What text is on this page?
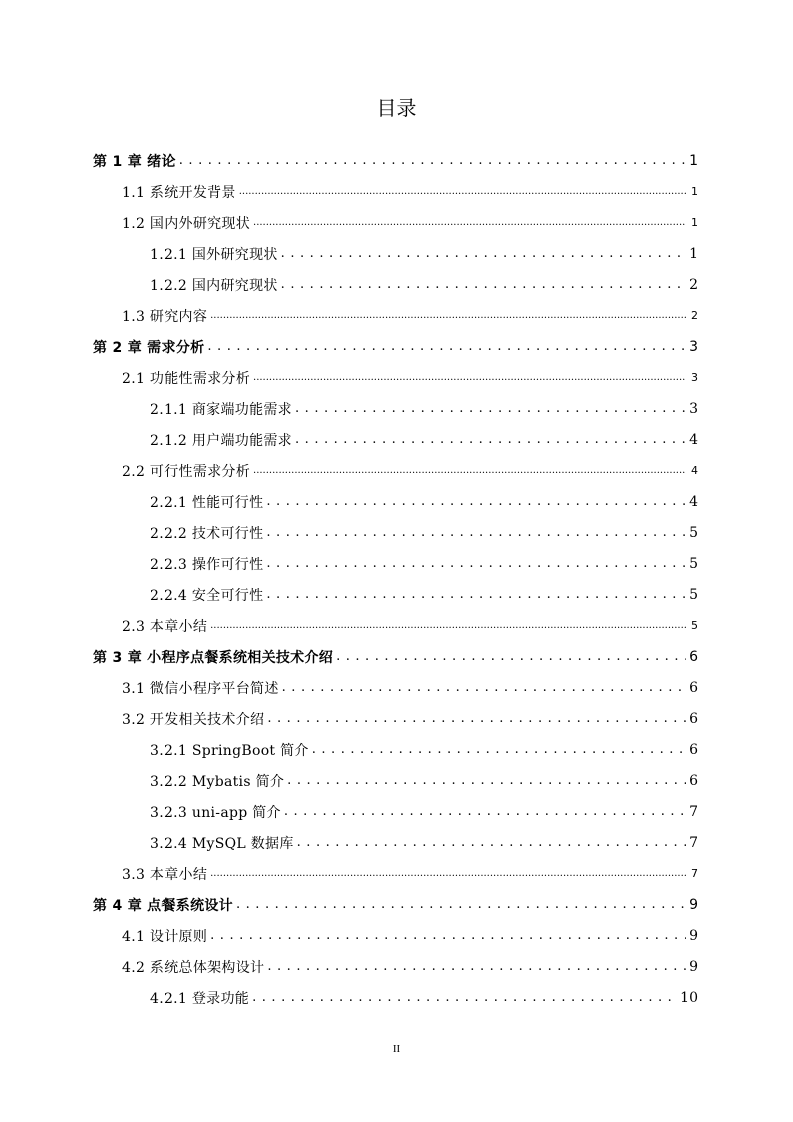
目录
第 1 章 绪论 . . .	1
1.1 系统开发背景 .....	1
1.2 国内外研究现状 .....	1
1.2.1 国外研究现状 . . .	1
1.2.2 国内研究现状 . . .	2
1.3 研究内容 .....	2
第 2 章 需求分析 . . .	3
2.1 功能性需求分析 .....	3
2.1.1 商家端功能需求 . . .	3
2.1.2 用户端功能需求 . . .	4
2.2 可行性需求分析 .....	4
2.2.1 性能可行性 . . .	4
2.2.2 技术可行性 . . .	5
2.2.3 操作可行性 . . .	5
2.2.4 安全可行性 . . .	5
2.3 本章小结 .....	5
第 3 章 小程序点餐系统相关技术介绍 . . .	6
3.1 微信小程序平台简述 . . .	6
3.2 开发相关技术介绍 . . .	6
3.2.1 SpringBoot 简介 . . .	6
3.2.2 Mybatis 简介 . . .	6
3.2.3 uni-app 简介 . . .	7
3.2.4 MySQL 数据库 . . .	7
3.3 本章小结 .....	7
第 4 章 点餐系统设计 . . .	9
4.1 设计原则 . . .	9
4.2 系统总体架构设计 . . .	9
4.2.1 登录功能 . . .	10
II
